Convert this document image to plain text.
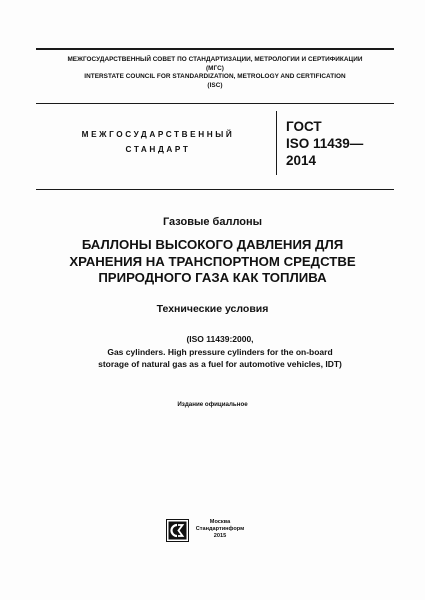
МЕЖГОСУДАРСТВЕННЫЙ СОВЕТ ПО СТАНДАРТИЗАЦИИ, МЕТРОЛОГИИ И СЕРТИФИКАЦИИ
(МГС)
INTERSTATE COUNCIL FOR STANDARDIZATION, METROLOGY AND CERTIFICATION
(ISC)
МЕЖГОСУДАРСТВЕННЫЙ
СТАНДАРТ
ГОСТ
ISO 11439—
2014
Газовые баллоны
БАЛЛОНЫ ВЫСОКОГО ДАВЛЕНИЯ ДЛЯ
ХРАНЕНИЯ НА ТРАНСПОРТНОМ СРЕДСТВЕ
ПРИРОДНОГО ГАЗА КАК ТОПЛИВА
Технические условия
(ISO 11439:2000,
Gas cylinders. High pressure cylinders for the on-board
storage of natural gas as a fuel for automotive vehicles, IDT)
Издание официальное
Москва
Стандартинформ
2015
